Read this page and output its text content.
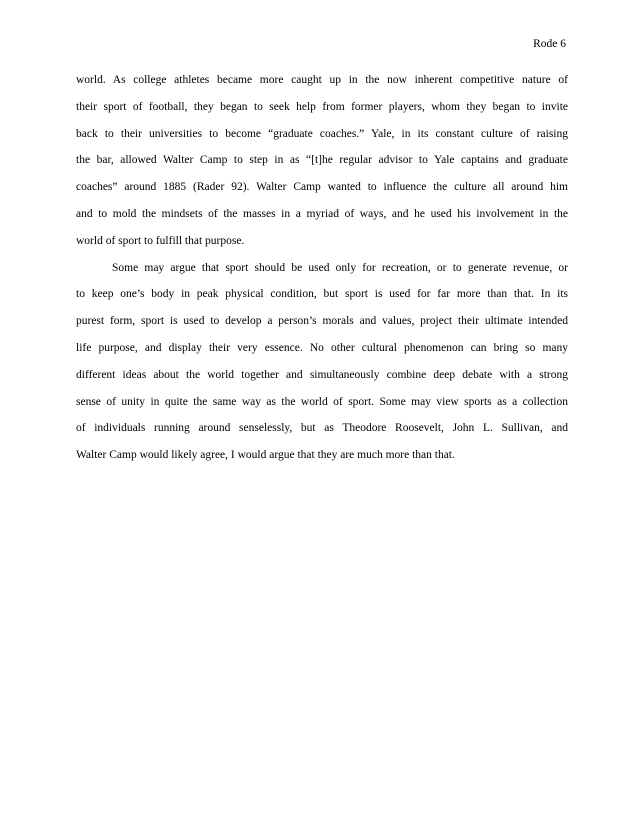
Rode 6
world. As college athletes became more caught up in the now inherent competitive nature of
their sport of football, they began to seek help from former players, whom they began to invite
back to their universities to become “graduate coaches.” Yale, in its constant culture of raising
the bar, allowed Walter Camp to step in as “[t]he regular advisor to Yale captains and graduate
coaches” around 1885 (Rader 92). Walter Camp wanted to influence the culture all around him
and to mold the mindsets of the masses in a myriad of ways, and he used his involvement in the
world of sport to fulfill that purpose.
Some may argue that sport should be used only for recreation, or to generate revenue, or
to keep one’s body in peak physical condition, but sport is used for far more than that. In its
purest form, sport is used to develop a person’s morals and values, project their ultimate intended
life purpose, and display their very essence. No other cultural phenomenon can bring so many
different ideas about the world together and simultaneously combine deep debate with a strong
sense of unity in quite the same way as the world of sport. Some may view sports as a collection
of individuals running around senselessly, but as Theodore Roosevelt, John L. Sullivan, and
Walter Camp would likely agree, I would argue that they are much more than that.
